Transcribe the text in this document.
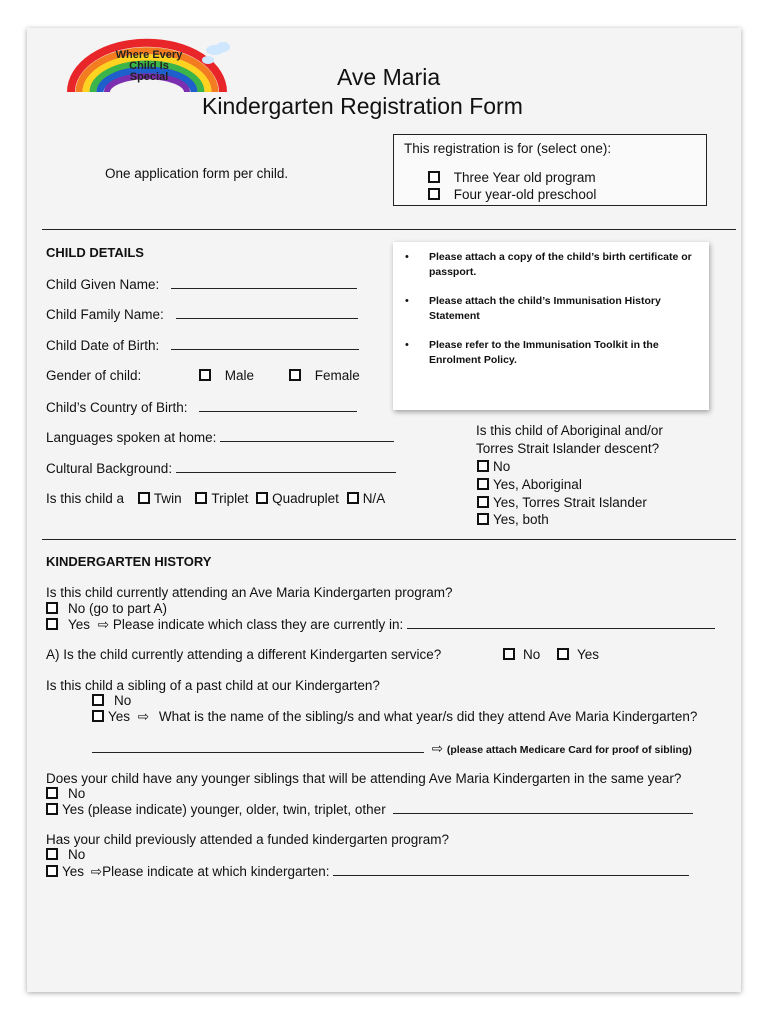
Where Every
Child Is
Special	Ave Maria
Kindergarten Registration Form
One application form per child.
This registration is for (select one):
Three Year old program
Four year-old preschool
CHILD DETAILS
Child Given Name:
Child Family Name:
Child Date of Birth:
Gender of child:	Male	Female
Child’s Country of Birth:
Languages spoken at home:
Cultural Background:
Is this child a Twin Triplet Quadruplet N/A
• Please attach a copy of the child’s birth certificate or passport.
• Please attach the child’s Immunisation History Statement
• Please refer to the Immunisation Toolkit in the Enrolment Policy.
Is this child of Aboriginal and/or
Torres Strait Islander descent?
No
Yes, Aboriginal
Yes, Torres Strait Islander
Yes, both
KINDERGARTEN HISTORY
Is this child currently attending an Ave Maria Kindergarten program?
No (go to part A)
Yes ⇨ Please indicate which class they are currently in:
A) Is the child currently attending a different Kindergarten service?	No	Yes
Is this child a sibling of a past child at our Kindergarten?
No
Yes ⇨ What is the name of the sibling/s and what year/s did they attend Ave Maria Kindergarten?
⇨ (please attach Medicare Card for proof of sibling)
Does your child have any younger siblings that will be attending Ave Maria Kindergarten in the same year?
No
Yes (please indicate) younger, older, twin, triplet, other
Has your child previously attended a funded kindergarten program?
No
Yes ⇨Please indicate at which kindergarten:
